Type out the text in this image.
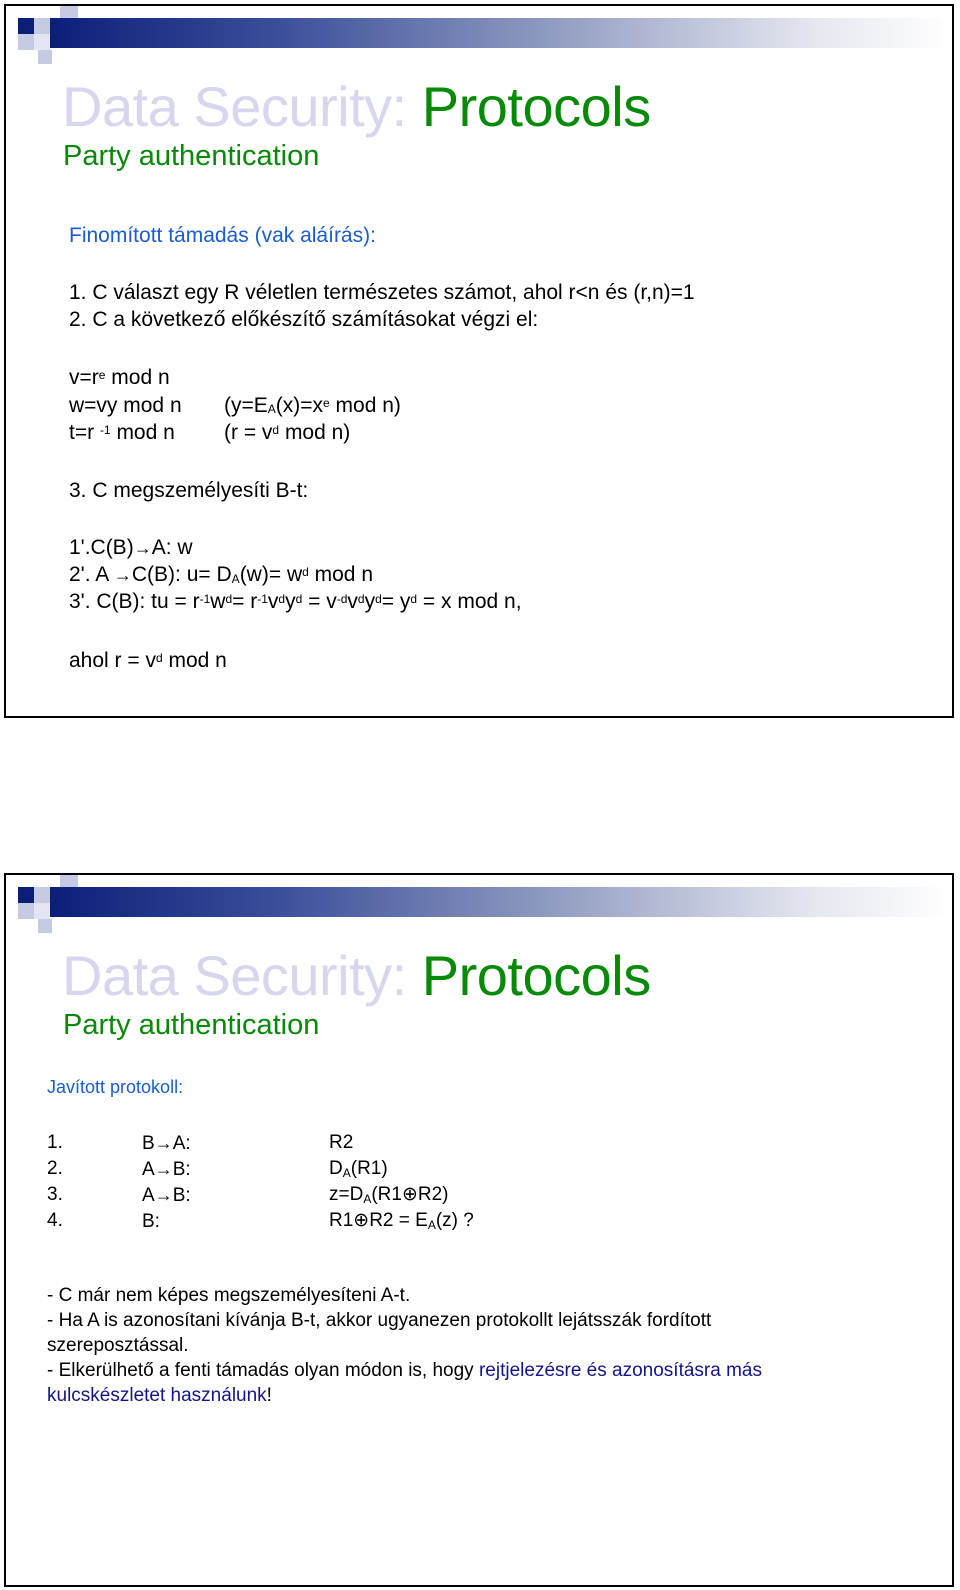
Data Security: Protocols
Party authentication
Finomított támadás (vak aláírás):
1. C választ egy R véletlen természetes számot, ahol r<n és (r,n)=1
2. C a következő előkészítő számításokat végzi el:
$v=r^e$ mod n
w=vy mod n ($y=E_A(x)=x^e$ mod n)
t=r $^{-1}$ mod n ($r = v^d$ mod n)
3. C megszemélyesíti B-t:
1'.C(B)→A: w
2'. A →C(B): $u= D_A(w)= w^d$ mod n
3'. C(B): tu = $r^{-1}w^d= r^{-1}v^dy^d = v^{-d}v^dy^d= y^d = x$ mod n,
ahol $r = v^d$ mod n
Data Security: Protocols
Party authentication
Javított protokoll:
1.	B→A:	R2
2.	A→B:	$D_A(R1)$
3.	A→B:	$z=D_A(R1\oplus R2)$
4.	B:	R1⊕R2 = $E_A(z)$ ?
- C már nem képes megszemélyesíteni A-t.
- Ha A is azonosítani kívánja B-t, akkor ugyanezen protokollt lejátsszák fordított
szereposztással.
- Elkerülhető a fenti támadás olyan módon is, hogy rejtjelezésre és azonosításra más
kulcskészletet használunk!
